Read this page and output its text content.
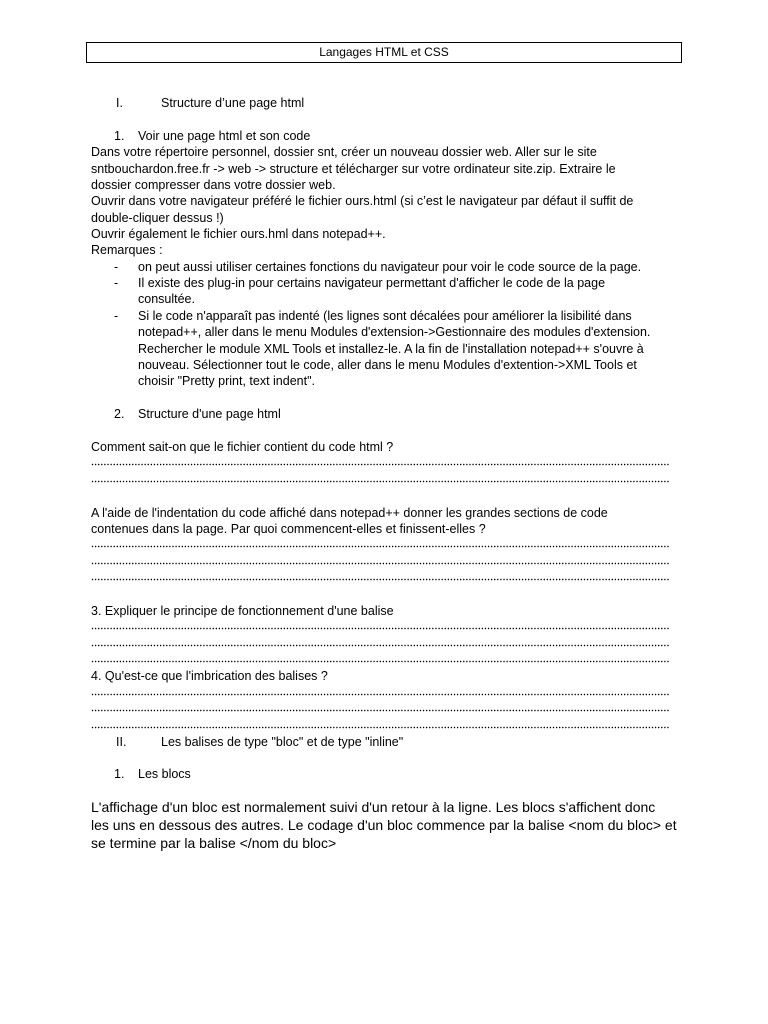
Langages HTML et CSS
I.	Structure d’une page html
1. Voir une page html et son code
Dans votre répertoire personnel, dossier snt, créer un nouveau dossier web. Aller sur le site
sntbouchardon.free.fr -> web -> structure et télécharger sur votre ordinateur site.zip. Extraire le
dossier compresser dans votre dossier web.
Ouvrir dans votre navigateur préféré le fichier ours.html (si c’est le navigateur par défaut il suffit de
double-cliquer dessus !)
Ouvrir également le fichier ours.hml dans notepad++.
Remarques :
- on peut aussi utiliser certaines fonctions du navigateur pour voir le code source de la page.
- Il existe des plug-in pour certains navigateur permettant d'afficher le code de la page
consultée.
- Si le code n'apparaît pas indenté (les lignes sont décalées pour améliorer la lisibilité dans
notepad++, aller dans le menu Modules d'extension->Gestionnaire des modules d'extension.
Rechercher le module XML Tools et installez-le. A la fin de l'installation notepad++ s'ouvre à
nouveau. Sélectionner tout le code, aller dans le menu Modules d'extention->XML Tools et
choisir "Pretty print, text indent".
2. Structure d'une page html
Comment sait-on que le fichier contient du code html ?
A l'aide de l'indentation du code affiché dans notepad++ donner les grandes sections de code
contenues dans la page. Par quoi commencent-elles et finissent-elles ?
3. Expliquer le principe de fonctionnement d'une balise
4. Qu'est-ce que l'imbrication des balises ?
II.	Les balises de type "bloc" et de type "inline"
1. Les blocs
L'affichage d'un bloc est normalement suivi d'un retour à la ligne. Les blocs s'affichent donc
les uns en dessous des autres. Le codage d'un bloc commence par la balise <nom du bloc> et
se termine par la balise </nom du bloc>
